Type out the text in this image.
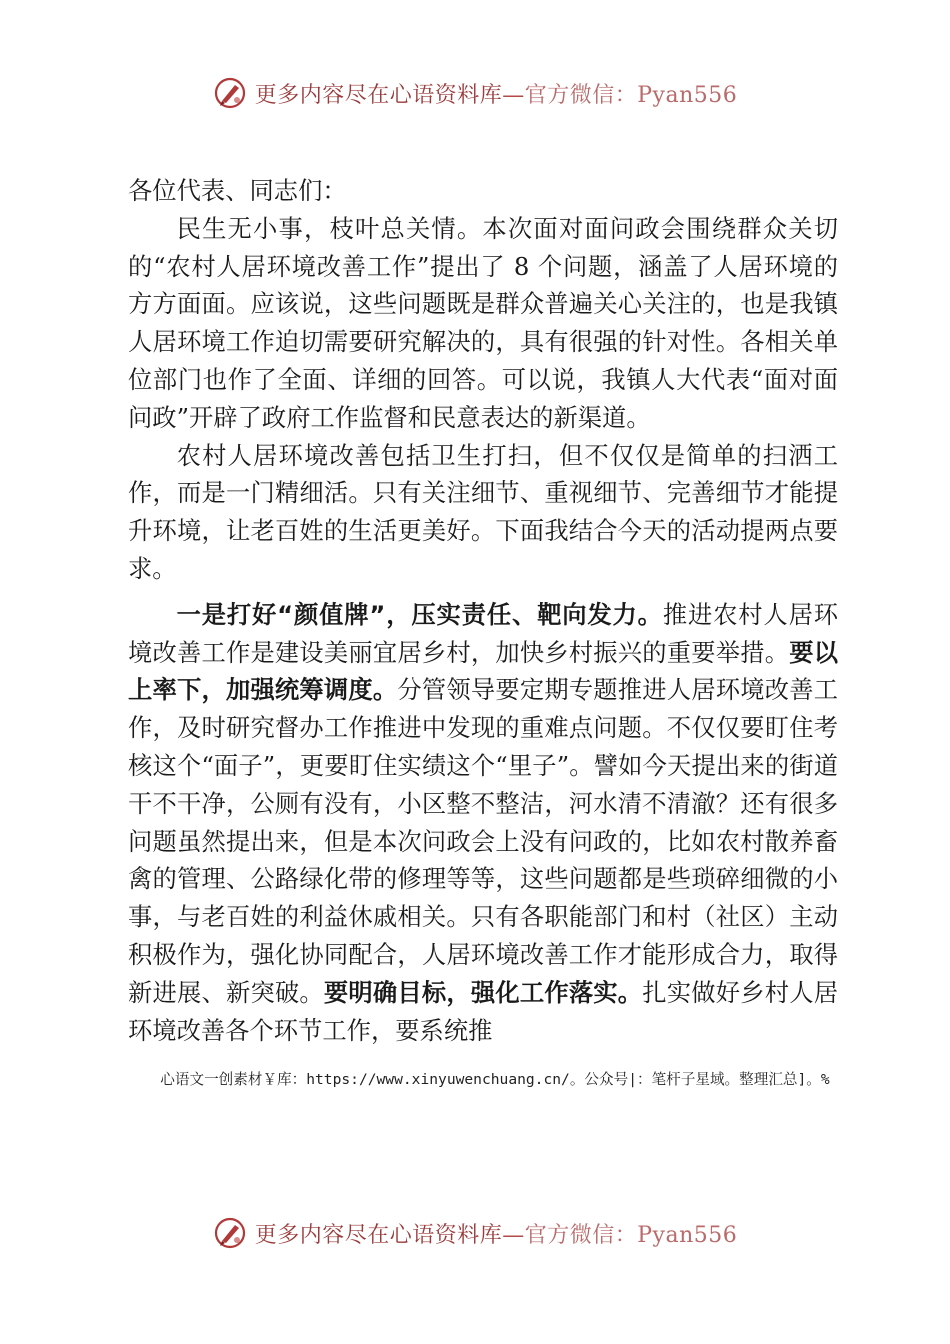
更多内容尽在心语资料库—官方微信：Pyan556

各位代表、同志们：

民生无小事，枝叶总关情。本次面对面问政会围绕群众关切的“农村人居环境改善工作”提出了 8 个问题，涵盖了人居环境的方方面面。应该说，这些问题既是群众普遍关心关注的，也是我镇人居环境工作迫切需要研究解决的，具有很强的针对性。各相关单位部门也作了全面、详细的回答。可以说，我镇人大代表“面对面问政”开辟了政府工作监督和民意表达的新渠道。

农村人居环境改善包括卫生打扫，但不仅仅是简单的扫洒工作，而是一门精细活。只有关注细节、重视细节、完善细节才能提升环境，让老百姓的生活更美好。下面我结合今天的活动提两点要求。

一是打好“颜值牌”，压实责任、靶向发力。推进农村人居环境改善工作是建设美丽宜居乡村，加快乡村振兴的重要举措。要以上率下，加强统筹调度。分管领导要定期专题推进人居环境改善工作，及时研究督办工作推进中发现的重难点问题。不仅仅要盯住考核这个“面子”，更要盯住实绩这个“里子”。譬如今天提出来的街道干不干净，公厕有没有，小区整不整洁，河水清不清澈？还有很多问题虽然提出来，但是本次问政会上没有问政的，比如农村散养畜禽的管理、公路绿化带的修理等等，这些问题都是些琐碎细微的小事，与老百姓的利益休戚相关。只有各职能部门和村（社区）主动积极作为，强化协同配合，人居环境改善工作才能形成合力，取得新进展、新突破。要明确目标，强化工作落实。扎实做好乡村人居环境改善各个环节工作，要系统推

心语文一创素材￥库：https://www.xinyuwenchuang.cn/。公众号|：笔杆子星域。整理汇总]。%
更多内容尽在心语资料库—官方微信：Pyan556
